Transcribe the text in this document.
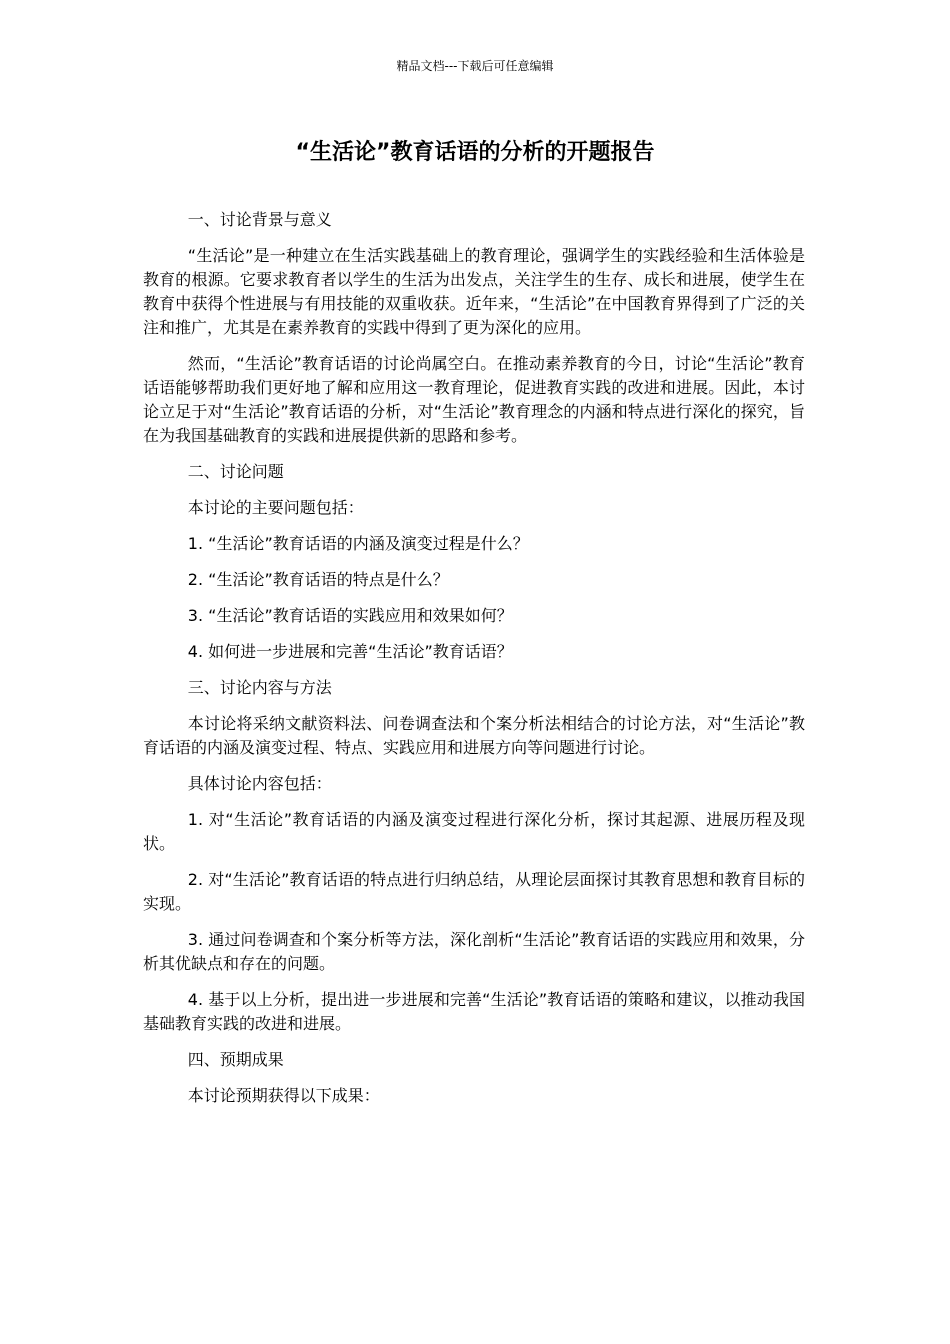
精品文档---下载后可任意编辑
“生活论”教育话语的分析的开题报告

一、讨论背景与意义

“生活论”是一种建立在生活实践基础上的教育理论，强调学生的实践经验和生活体验是教育的根源。它要求教育者以学生的生活为出发点，关注学生的生存、成长和进展，使学生在教育中获得个性进展与有用技能的双重收获。近年来，“生活论”在中国教育界得到了广泛的关注和推广，尤其是在素养教育的实践中得到了更为深化的应用。

然而，“生活论”教育话语的讨论尚属空白。在推动素养教育的今日，讨论“生活论”教育话语能够帮助我们更好地了解和应用这一教育理论，促进教育实践的改进和进展。因此，本讨论立足于对“生活论”教育话语的分析，对“生活论”教育理念的内涵和特点进行深化的探究，旨在为我国基础教育的实践和进展提供新的思路和参考。

二、讨论问题

本讨论的主要问题包括：

1. “生活论”教育话语的内涵及演变过程是什么？

2. “生活论”教育话语的特点是什么？

3. “生活论”教育话语的实践应用和效果如何？

4. 如何进一步进展和完善“生活论”教育话语？

三、讨论内容与方法

本讨论将采纳文献资料法、问卷调查法和个案分析法相结合的讨论方法，对“生活论”教育话语的内涵及演变过程、特点、实践应用和进展方向等问题进行讨论。

具体讨论内容包括：

1. 对“生活论”教育话语的内涵及演变过程进行深化分析，探讨其起源、进展历程及现状。

2. 对“生活论”教育话语的特点进行归纳总结，从理论层面探讨其教育思想和教育目标的实现。

3. 通过问卷调查和个案分析等方法，深化剖析“生活论”教育话语的实践应用和效果，分析其优缺点和存在的问题。

4. 基于以上分析，提出进一步进展和完善“生活论”教育话语的策略和建议，以推动我国基础教育实践的改进和进展。

四、预期成果

本讨论预期获得以下成果：
